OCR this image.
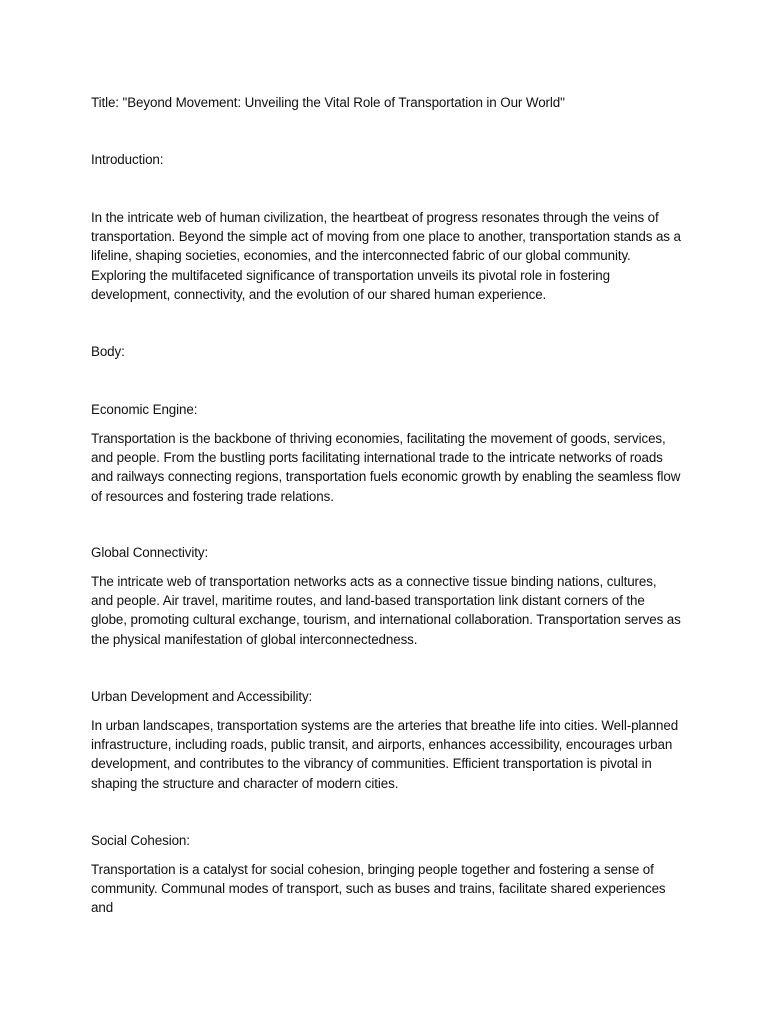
Title: "Beyond Movement: Unveiling the Vital Role of Transportation in Our World"

Introduction:

In the intricate web of human civilization, the heartbeat of progress resonates through the veins of transportation. Beyond the simple act of moving from one place to another, transportation stands as a lifeline, shaping societies, economies, and the interconnected fabric of our global community. Exploring the multifaceted significance of transportation unveils its pivotal role in fostering development, connectivity, and the evolution of our shared human experience.

Body:

Economic Engine:

Transportation is the backbone of thriving economies, facilitating the movement of goods, services, and people. From the bustling ports facilitating international trade to the intricate networks of roads and railways connecting regions, transportation fuels economic growth by enabling the seamless flow of resources and fostering trade relations.

Global Connectivity:

The intricate web of transportation networks acts as a connective tissue binding nations, cultures, and people. Air travel, maritime routes, and land-based transportation link distant corners of the globe, promoting cultural exchange, tourism, and international collaboration. Transportation serves as the physical manifestation of global interconnectedness.

Urban Development and Accessibility:

In urban landscapes, transportation systems are the arteries that breathe life into cities. Well-planned infrastructure, including roads, public transit, and airports, enhances accessibility, encourages urban development, and contributes to the vibrancy of communities. Efficient transportation is pivotal in shaping the structure and character of modern cities.

Social Cohesion:

Transportation is a catalyst for social cohesion, bringing people together and fostering a sense of community. Communal modes of transport, such as buses and trains, facilitate shared experiences and
